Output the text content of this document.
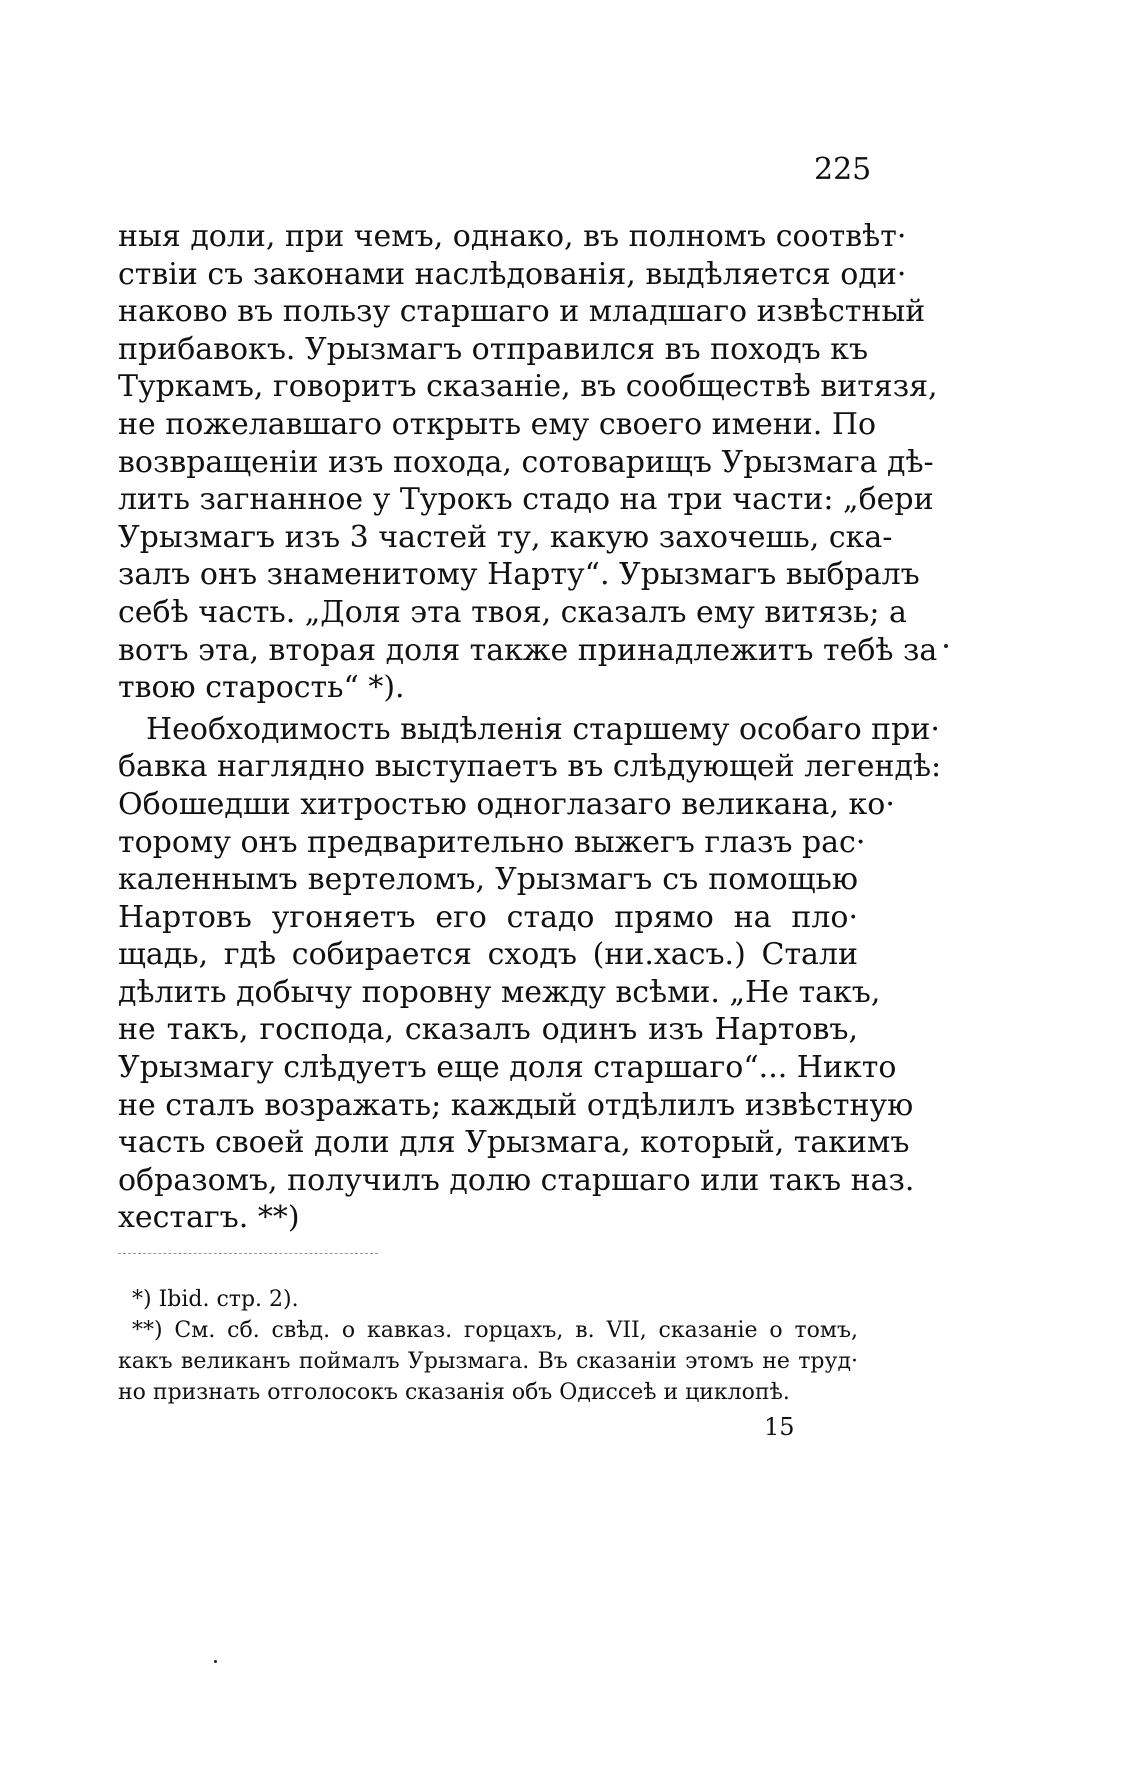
225
ныя доли, при чемъ, однако, въ полномъ соотвѣт·
ствіи съ законами наслѣдованія, выдѣляется оди·
наково въ пользу старшаго и младшаго извѣстный
прибавокъ. Урызмагъ отправился въ походъ къ
Туркамъ, говоритъ сказаніе, въ сообществѣ витязя,
не пожелавшаго открыть ему своего имени. По
возвращеніи изъ похода, сотоварищъ Урызмага дѣ-
лить загнанное у Турокъ стадо на три части: „бери
Урызмагъ изъ 3 частей ту, какую захочешь, ска-
залъ онъ знаменитому Нарту“. Урызмагъ выбралъ
себѣ часть. „Доля эта твоя, сказалъ ему витязь; а
вотъ эта, вторая доля также принадлежитъ тебѣ за
твою старость“ *).
Необходимость выдѣленія старшему особаго при·
бавка наглядно выступаетъ въ слѣдующей легендѣ:
Обошедши хитростью одноглазаго великана, ко·
торому онъ предварительно выжегъ глазъ рас·
каленнымъ вертеломъ, Урызмагъ съ помощью
Нартовъ угоняетъ его стадо прямо на пло·
щадь, гдѣ собирается сходъ (ни.хасъ.) Стали
дѣлить добычу поровну между всѣми. „Не такъ,
не такъ, господа, сказалъ одинъ изъ Нартовъ,
Урызмагу слѣдуетъ еще доля старшаго“... Никто
не сталъ возражать; каждый отдѣлилъ извѣстную
часть своей доли для Урызмага, который, такимъ
образомъ, получилъ долю старшаго или такъ наз.
хестагъ. **)
*) Ibid. стр. 2).
**) См. сб. свѣд. о кавказ. горцахъ, в. VII, сказаніе о томъ,
какъ великанъ поймалъ Урызмага. Въ сказаніи этомъ не труд·
но признать отголосокъ сказанія объ Одиссеѣ и циклопѣ.
15
